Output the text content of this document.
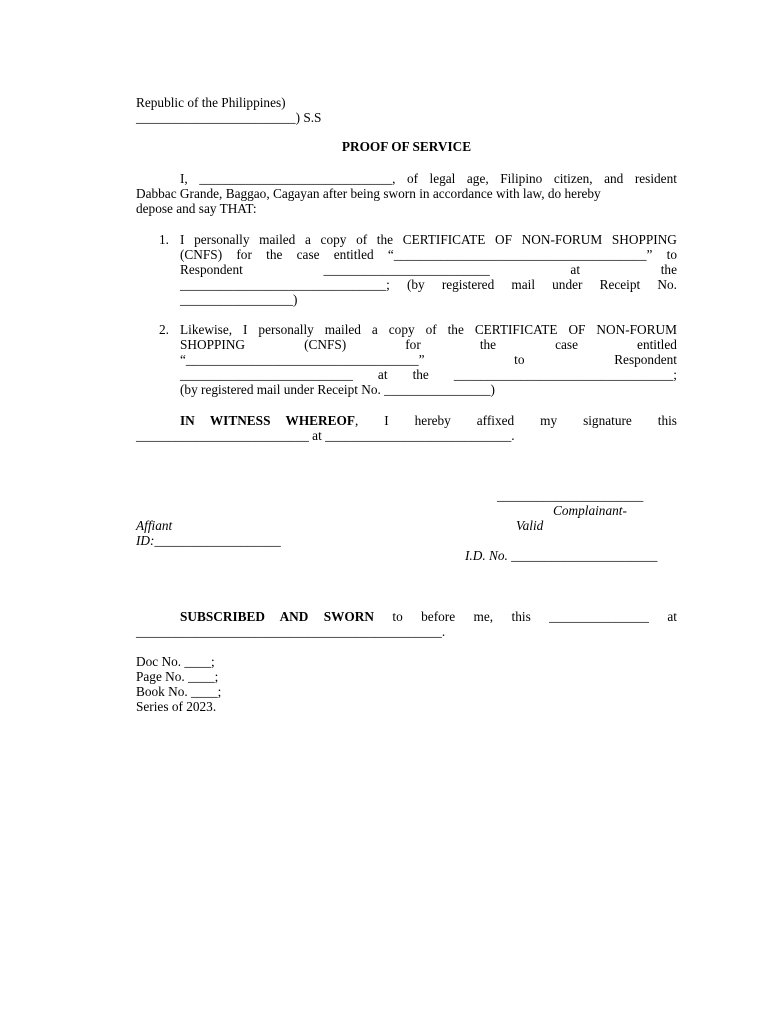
Republic of the Philippines)
________________________) S.S
PROOF OF SERVICE
I, _____________________________, of legal age, Filipino citizen, and resident
Dabbac Grande, Baggao, Cagayan after being sworn in accordance with law, do hereby
depose and say THAT:
1. I personally mailed a copy of the CERTIFICATE OF NON-FORUM SHOPPING
(CNFS) for the case entitled “______________________________________” to
Respondent	_________________________	at	the
_______________________________; (by registered mail under Receipt No.
_________________)
2. Likewise, I personally mailed a copy of the CERTIFICATE OF NON-FORUM
SHOPPING	(CNFS)	for	the	case	entitled
“___________________________________”	to	Respondent
__________________________ at the _________________________________;
(by registered mail under Receipt No. ________________)
IN WITNESS WHEREOF, I hereby affixed my signature this
__________________________ at ____________________________.
______________________
Complainant-
Affiant	Valid
ID:___________________
I.D. No. ______________________
SUBSCRIBED AND SWORN to before me, this _______________ at
______________________________________________.
Doc No. ____;
Page No. ____;
Book No. ____;
Series of 2023.
